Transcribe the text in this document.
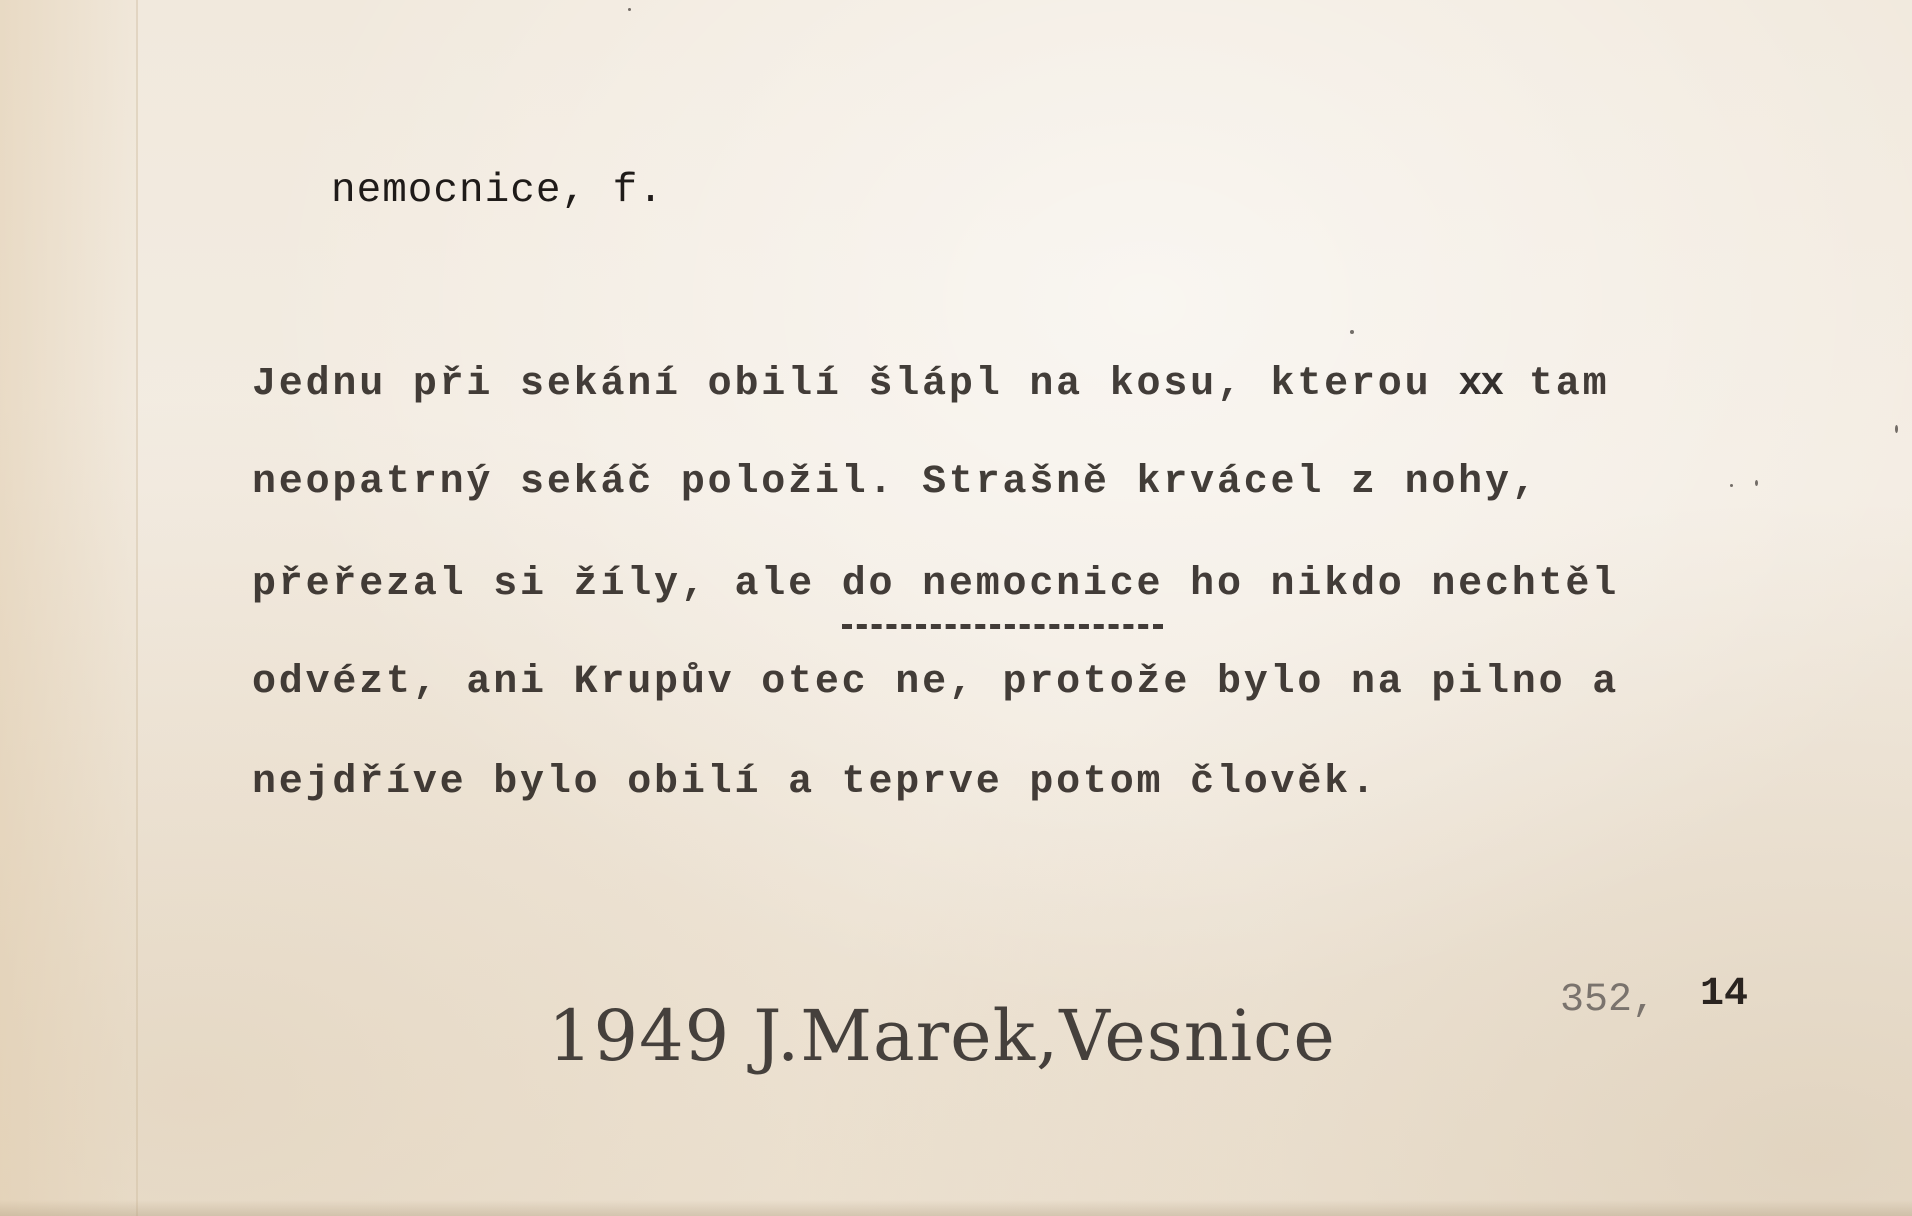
nemocnice, f.

Jednu při sekání obilí šlápl na kosu, kterou xx tam

neopatrný sekáč položil. Strašně krvácel z nohy,

přeřezal si žíly, ale do nemocnice ho nikdo nechtěl

odvézt, ani Krupův otec ne, protože bylo na pilno a

nejdříve bylo obilí a teprve potom člověk.

1949 J.Marek,Vesnice	352, 14
